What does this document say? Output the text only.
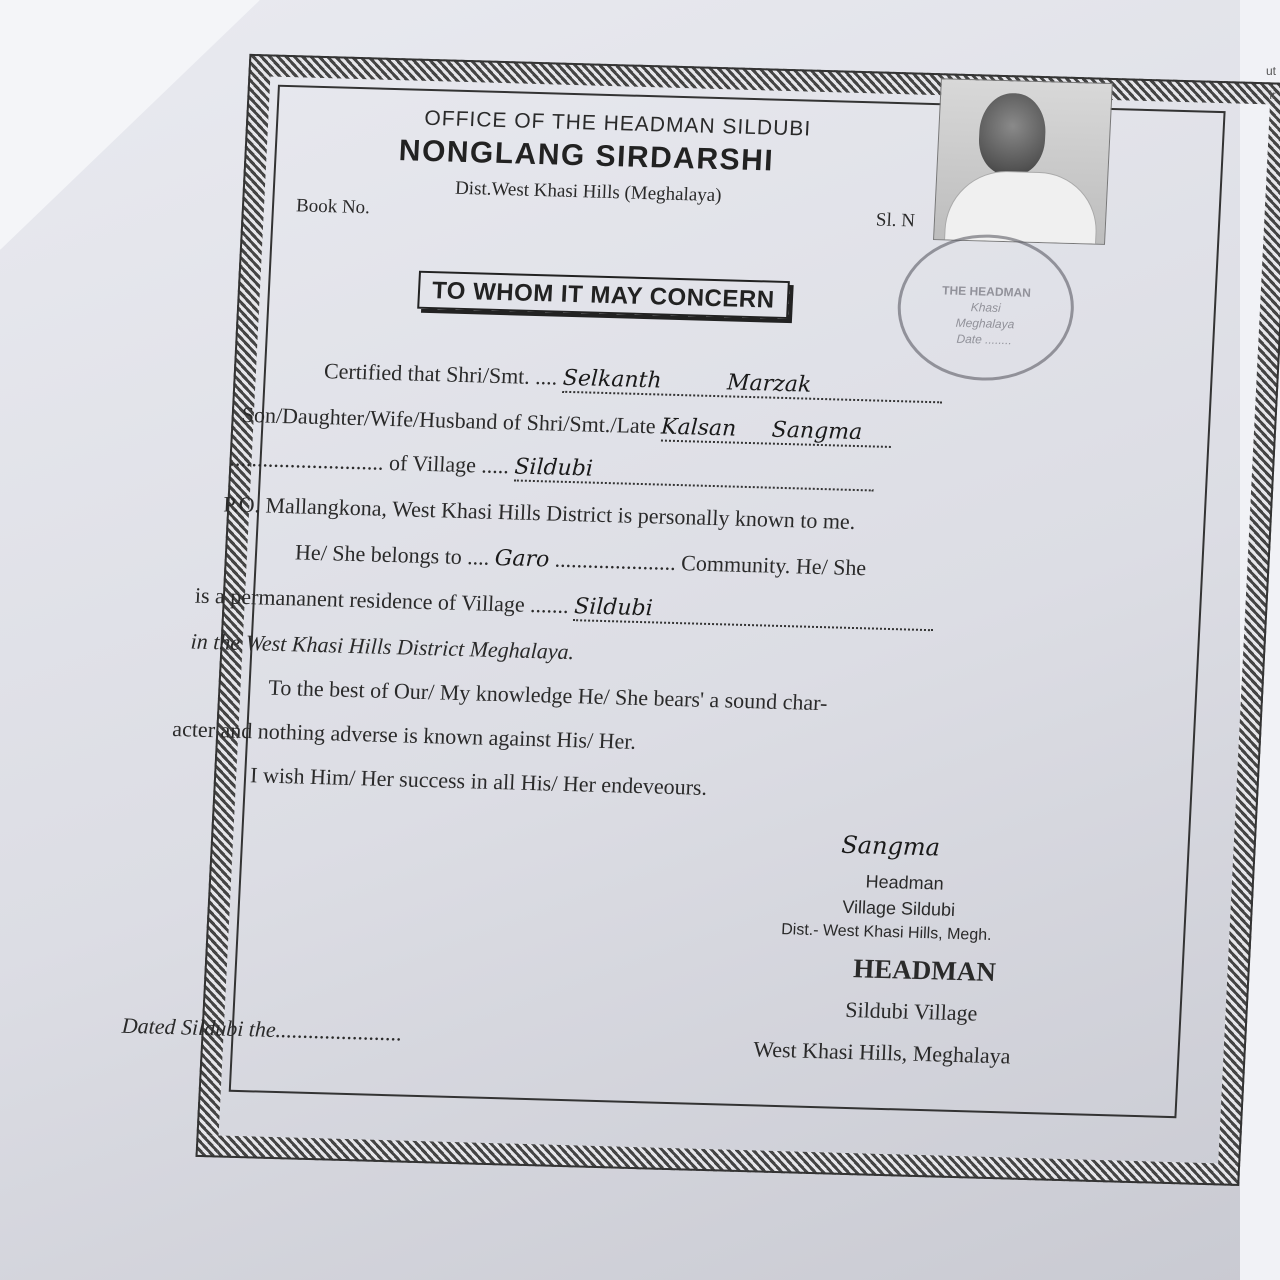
THE HEADMAN
Khasi
Meghalaya
Date ........
OFFICE OF THE HEADMAN SILDUBI
NONGLANG SIRDARSHI
Dist.West Khasi Hills (Meghalaya)
Book No.
Sl. N
TO WHOM IT MAY CONCERN
Certified that Shri/Smt. .... Selkanth	Marzak
Son/Daughter/Wife/Husband of Shri/Smt./Late Kalsan Sangma
............................ of Village ..... Sildubi
P.O. Mallangkona, West Khasi Hills District is personally known to me.
He/ She belongs to .... Garo ...................... Community. He/ She
is a permananent residence of Village ....... Sildubi
in the West Khasi Hills District Meghalaya.
To the best of Our/ My knowledge He/ She bears' a sound char-
acter and nothing adverse is known against His/ Her.
I wish Him/ Her success in all His/ Her endeveours.
Sangma
Headman
Village Sildubi
Dist.- West Khasi Hills, Megh.
HEADMAN
Sildubi Village
West Khasi Hills, Meghalaya
Dated Sildubi the.......................
ut
ir
